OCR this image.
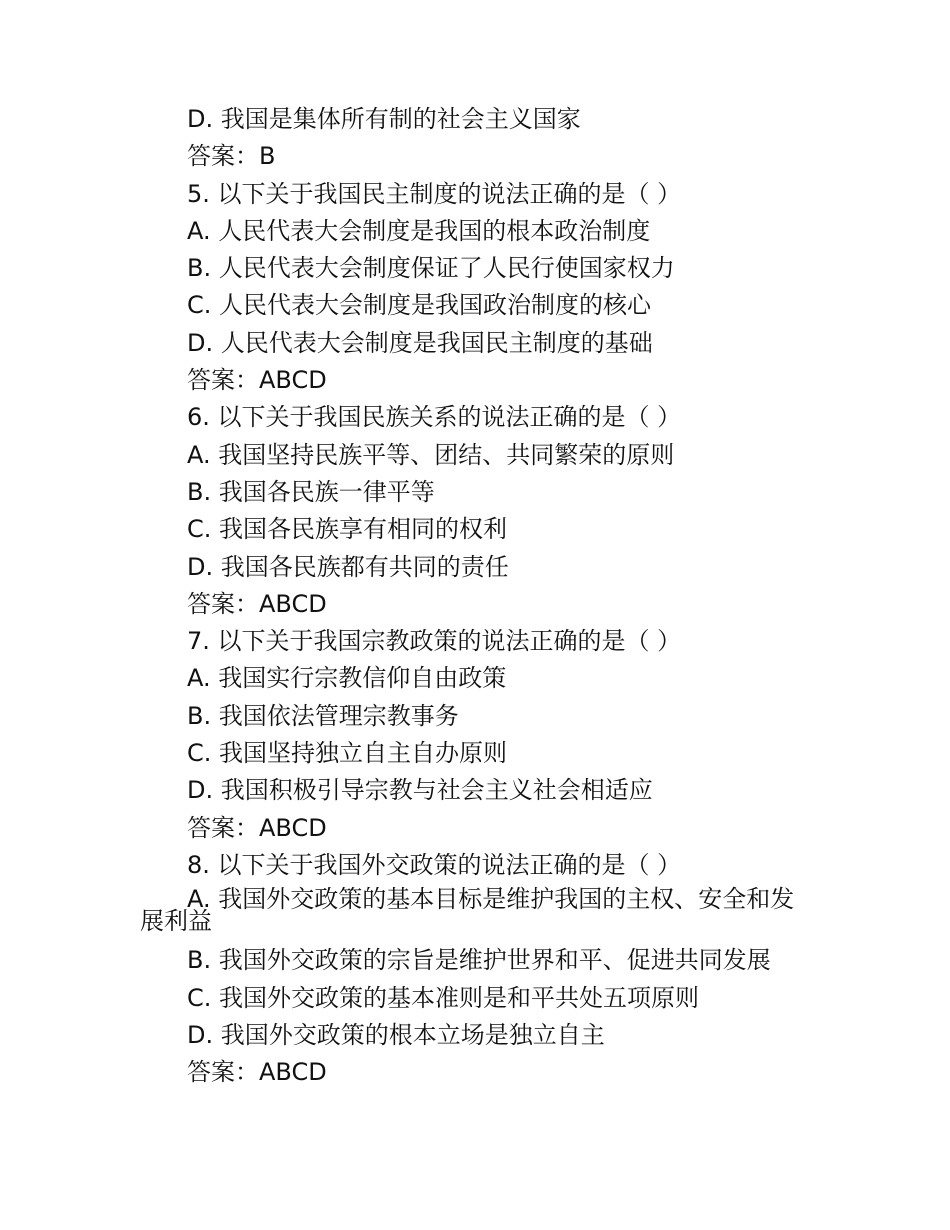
D. 我国是集体所有制的社会主义国家
答案：B
5. 以下关于我国民主制度的说法正确的是（ ）
A. 人民代表大会制度是我国的根本政治制度
B. 人民代表大会制度保证了人民行使国家权力
C. 人民代表大会制度是我国政治制度的核心
D. 人民代表大会制度是我国民主制度的基础
答案：ABCD
6. 以下关于我国民族关系的说法正确的是（ ）
A. 我国坚持民族平等、团结、共同繁荣的原则
B. 我国各民族一律平等
C. 我国各民族享有相同的权利
D. 我国各民族都有共同的责任
答案：ABCD
7. 以下关于我国宗教政策的说法正确的是（ ）
A. 我国实行宗教信仰自由政策
B. 我国依法管理宗教事务
C. 我国坚持独立自主自办原则
D. 我国积极引导宗教与社会主义社会相适应
答案：ABCD
8. 以下关于我国外交政策的说法正确的是（ ）
A. 我国外交政策的基本目标是维护我国的主权、安全和发展利益
B. 我国外交政策的宗旨是维护世界和平、促进共同发展
C. 我国外交政策的基本准则是和平共处五项原则
D. 我国外交政策的根本立场是独立自主
答案：ABCD
